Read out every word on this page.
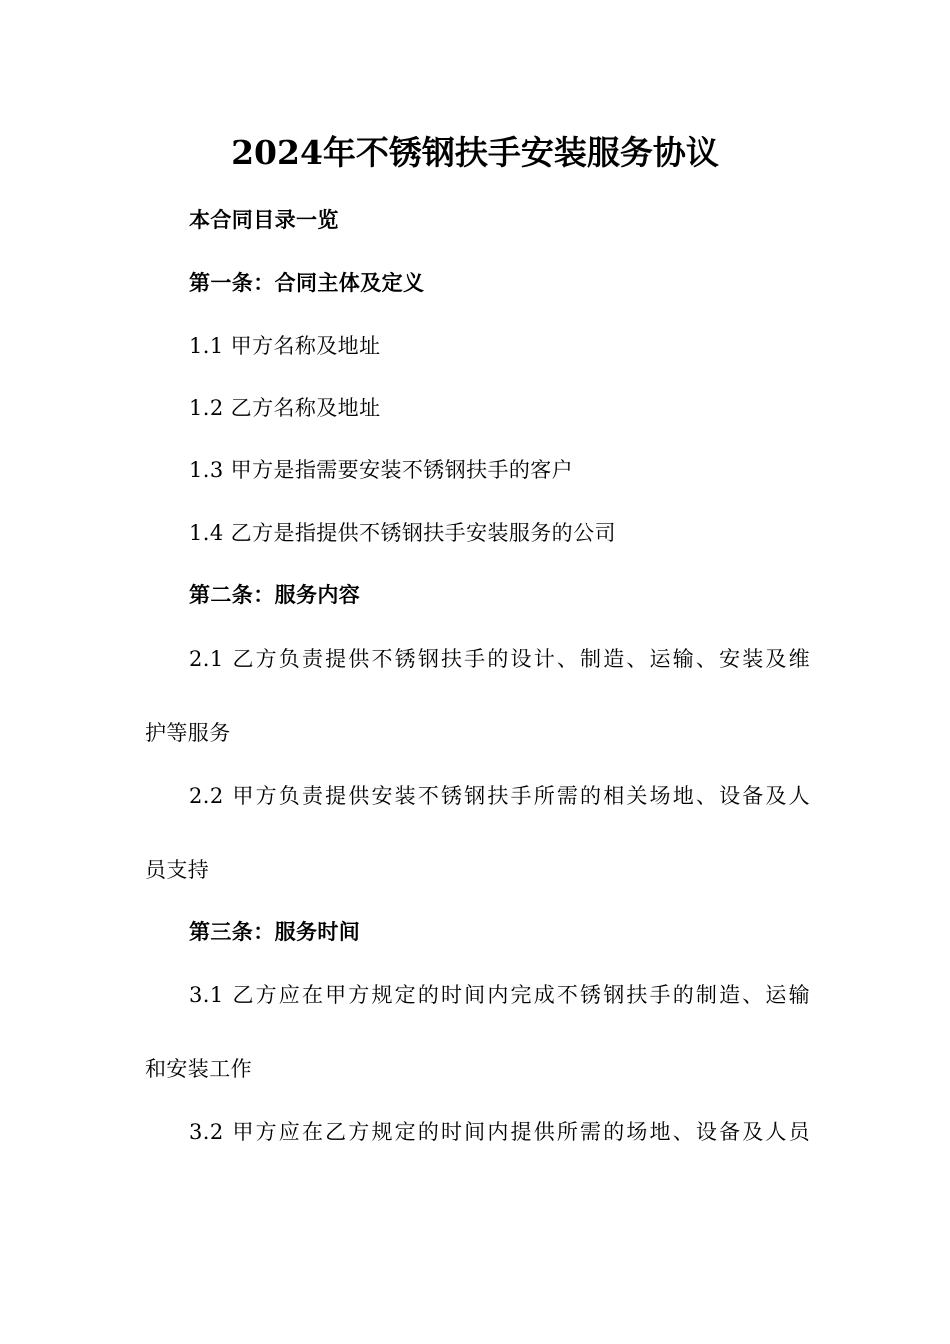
2024年不锈钢扶手安装服务协议
本合同目录一览
第一条：合同主体及定义
1.1 甲方名称及地址
1.2 乙方名称及地址
1.3 甲方是指需要安装不锈钢扶手的客户
1.4 乙方是指提供不锈钢扶手安装服务的公司
第二条：服务内容
2.1 乙方负责提供不锈钢扶手的设计、制造、运输、安装及维
护等服务
2.2 甲方负责提供安装不锈钢扶手所需的相关场地、设备及人
员支持
第三条：服务时间
3.1 乙方应在甲方规定的时间内完成不锈钢扶手的制造、运输
和安装工作
3.2 甲方应在乙方规定的时间内提供所需的场地、设备及人员
